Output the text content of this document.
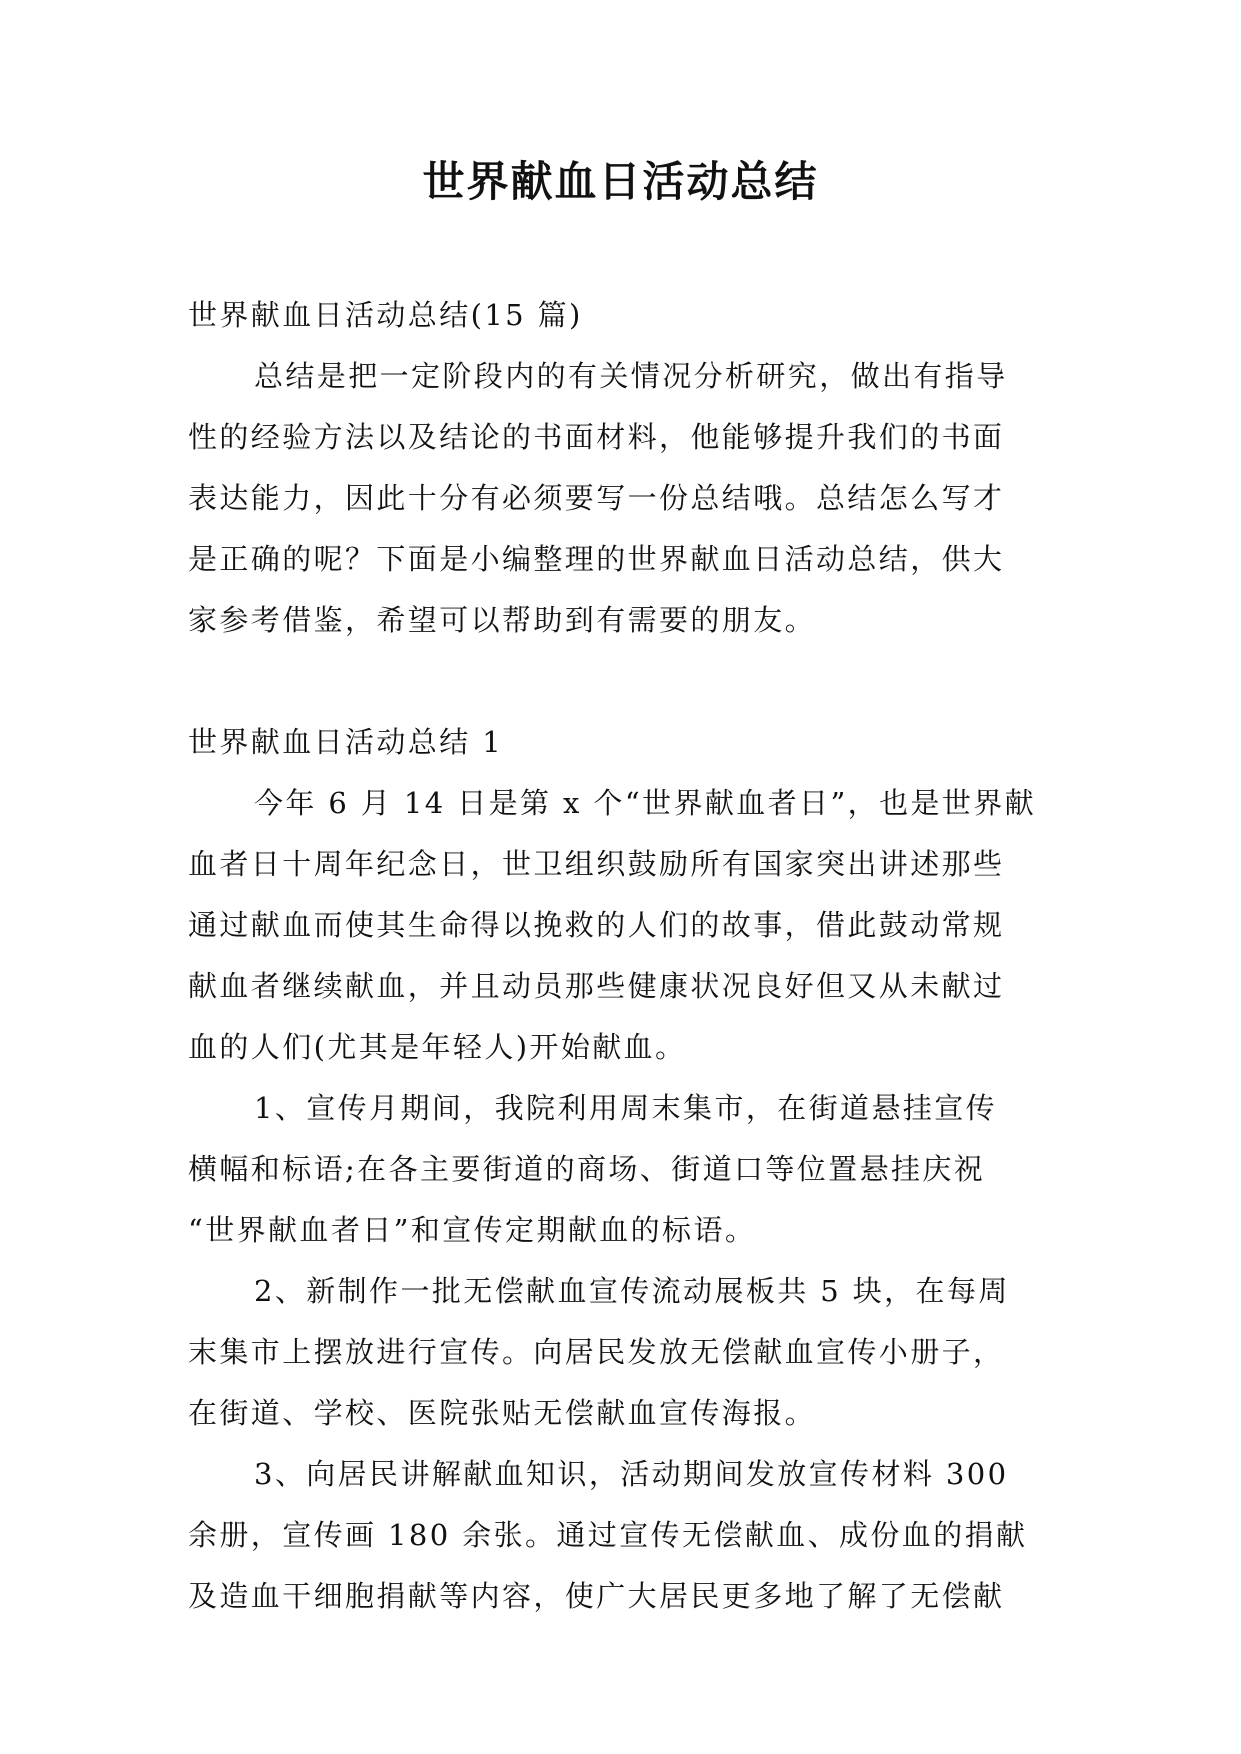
世界献血日活动总结

世界献血日活动总结(15 篇)

总结是把一定阶段内的有关情况分析研究，做出有指导
性的经验方法以及结论的书面材料，他能够提升我们的书面
表达能力，因此十分有必须要写一份总结哦。总结怎么写才
是正确的呢？下面是小编整理的世界献血日活动总结，供大
家参考借鉴，希望可以帮助到有需要的朋友。

世界献血日活动总结 1

今年 6 月 14 日是第 x 个“世界献血者日”，也是世界献
血者日十周年纪念日，世卫组织鼓励所有国家突出讲述那些
通过献血而使其生命得以挽救的人们的故事，借此鼓动常规
献血者继续献血，并且动员那些健康状况良好但又从未献过
血的人们(尤其是年轻人)开始献血。

1、宣传月期间，我院利用周末集市，在街道悬挂宣传
横幅和标语;在各主要街道的商场、街道口等位置悬挂庆祝
“世界献血者日”和宣传定期献血的标语。

2、新制作一批无偿献血宣传流动展板共 5 块，在每周
末集市上摆放进行宣传。向居民发放无偿献血宣传小册子，
在街道、学校、医院张贴无偿献血宣传海报。

3、向居民讲解献血知识，活动期间发放宣传材料 300
余册，宣传画 180 余张。通过宣传无偿献血、成份血的捐献
及造血干细胞捐献等内容，使广大居民更多地了解了无偿献
